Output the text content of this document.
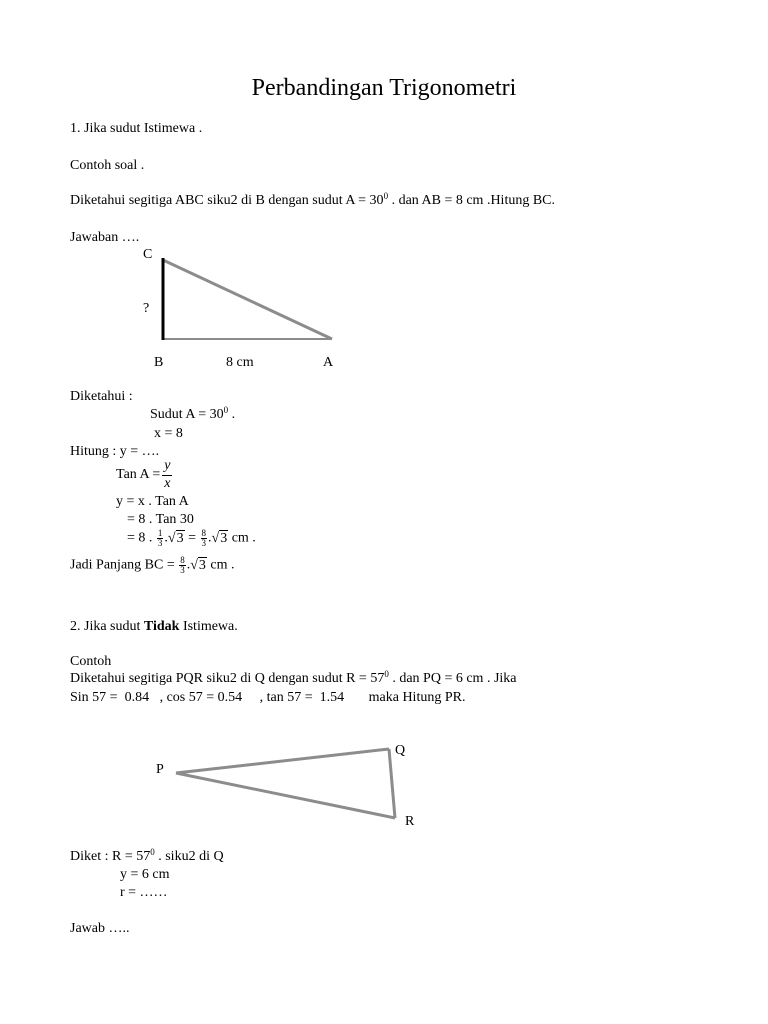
Perbandingan Trigonometri
1. Jika sudut Istimewa .
Contoh soal .
Diketahui segitiga ABC siku2 di B dengan sudut $A = 30^0$ . dan AB = 8 cm .Hitung BC.
Jawaban ….
C
?
B	8 cm	A
Diketahui :
Sudut $A = 30^0$ .
x = 8
Hitung : y = ….
Tan $A = \frac{y}{x}$
y = x . Tan A
= 8 . Tan 30
= 8 . $\frac{1}{3} .√3 = \frac{8}{3} .√3$ cm .
Jadi Panjang BC = $\frac{8}{3} .√3$ cm .
2. Jika sudut Tidak Istimewa.
Contoh
Diketahui segitiga PQR siku2 di Q dengan sudut $R = 57^0$ . dan PQ = 6 cm . Jika
Sin 57 =  0.84   , cos 57 = 0.54     , tan 57 =  1.54       maka Hitung PR.
P
Q
R
Diket : $R = 57^0$ . siku2 di Q
y = 6 cm
r = ……
Jawab …..
